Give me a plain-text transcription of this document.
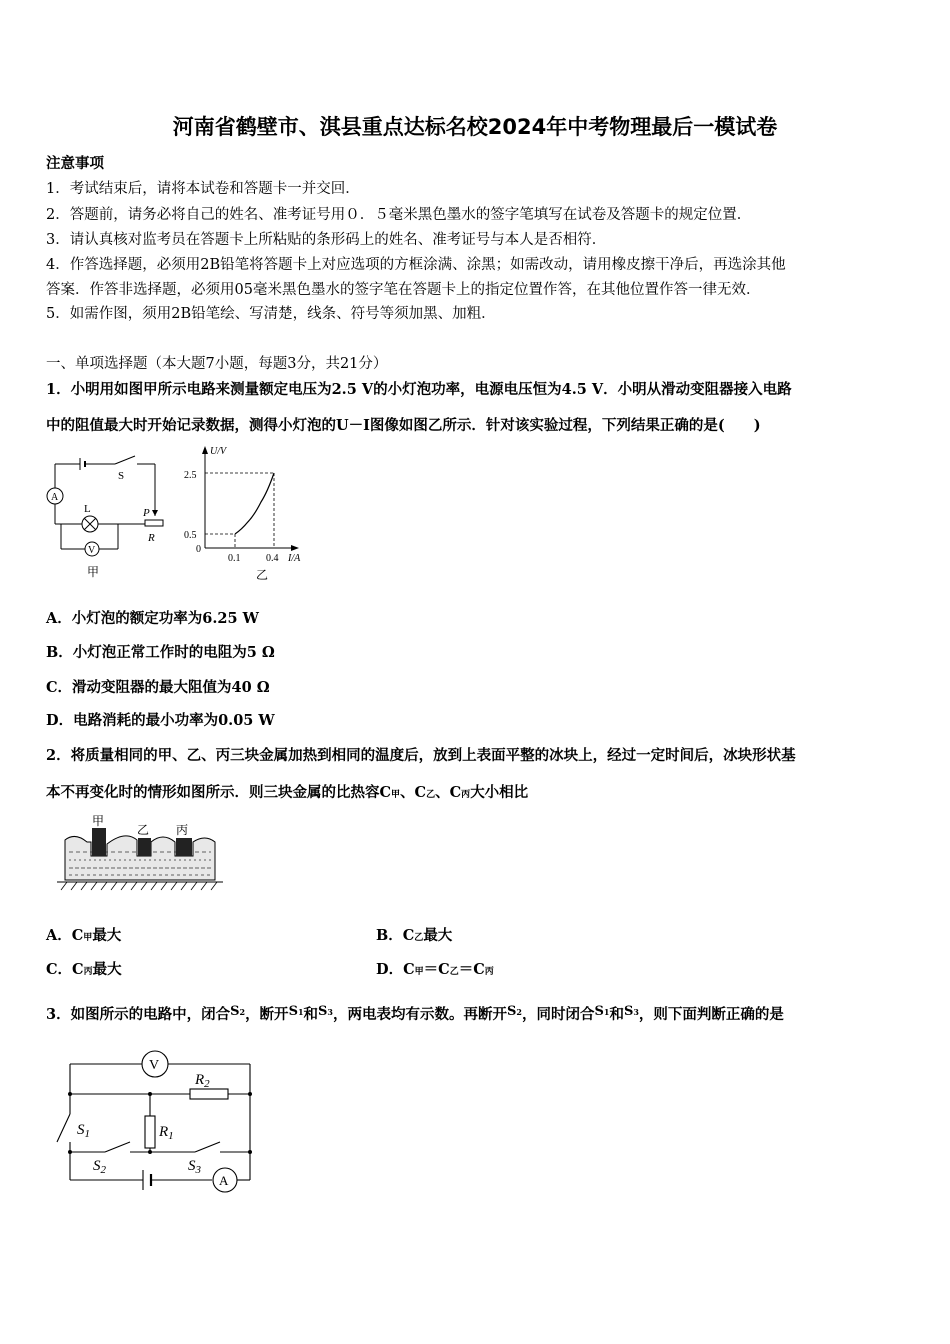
河南省鹤壁市、淇县重点达标名校2024年中考物理最后一模试卷
注意事项
1．考试结束后，请将本试卷和答题卡一并交回．
2．答题前，请务必将自己的姓名、准考证号用０．５毫米黑色墨水的签字笔填写在试卷及答题卡的规定位置．
3．请认真核对监考员在答题卡上所粘贴的条形码上的姓名、准考证号与本人是否相符．
4．作答选择题，必须用2B铅笔将答题卡上对应选项的方框涂满、涂黑；如需改动，请用橡皮擦干净后，再选涂其他
答案．作答非选择题，必须用05毫米黑色墨水的签字笔在答题卡上的指定位置作答，在其他位置作答一律无效．
5．如需作图，须用2B铅笔绘、写清楚，线条、符号等须加黑、加粗．
一、单项选择题（本大题7小题，每题3分，共21分）
1．小明用如图甲所示电路来测量额定电压为2.5 V的小灯泡功率，电源电压恒为4.5 V．小明从滑动变阻器接入电路
中的阻值最大时开始记录数据，测得小灯泡的U－I图像如图乙所示．针对该实验过程，下列结果正确的是(　　)
S
A
L	P
R
V
甲
U/V
I/A
2.5
0.5
0
0.1	0.4
乙
A．小灯泡的额定功率为6.25 W
B．小灯泡正常工作时的电阻为5 Ω
C．滑动变阻器的最大阻值为40 Ω
D．电路消耗的最小功率为0.05 W
2．将质量相同的甲、乙、丙三块金属加热到相同的温度后，放到上表面平整的冰块上，经过一定时间后，冰块形状基
本不再变化时的情形如图所示．则三块金属的比热容C甲、C乙、C丙大小相比
甲
乙 丙
A．C甲最大	B．C乙最大
C．C丙最大	D．C甲＝C乙＝C丙
3．如图所示的电路中，闭合S2，断开S1和S3，两电表均有示数。再断开S2，同时闭合S1和S3，则下面判断正确的是
V
A
$R_2$
$R_1$
$S_1$
$S_2$	$S_3$
